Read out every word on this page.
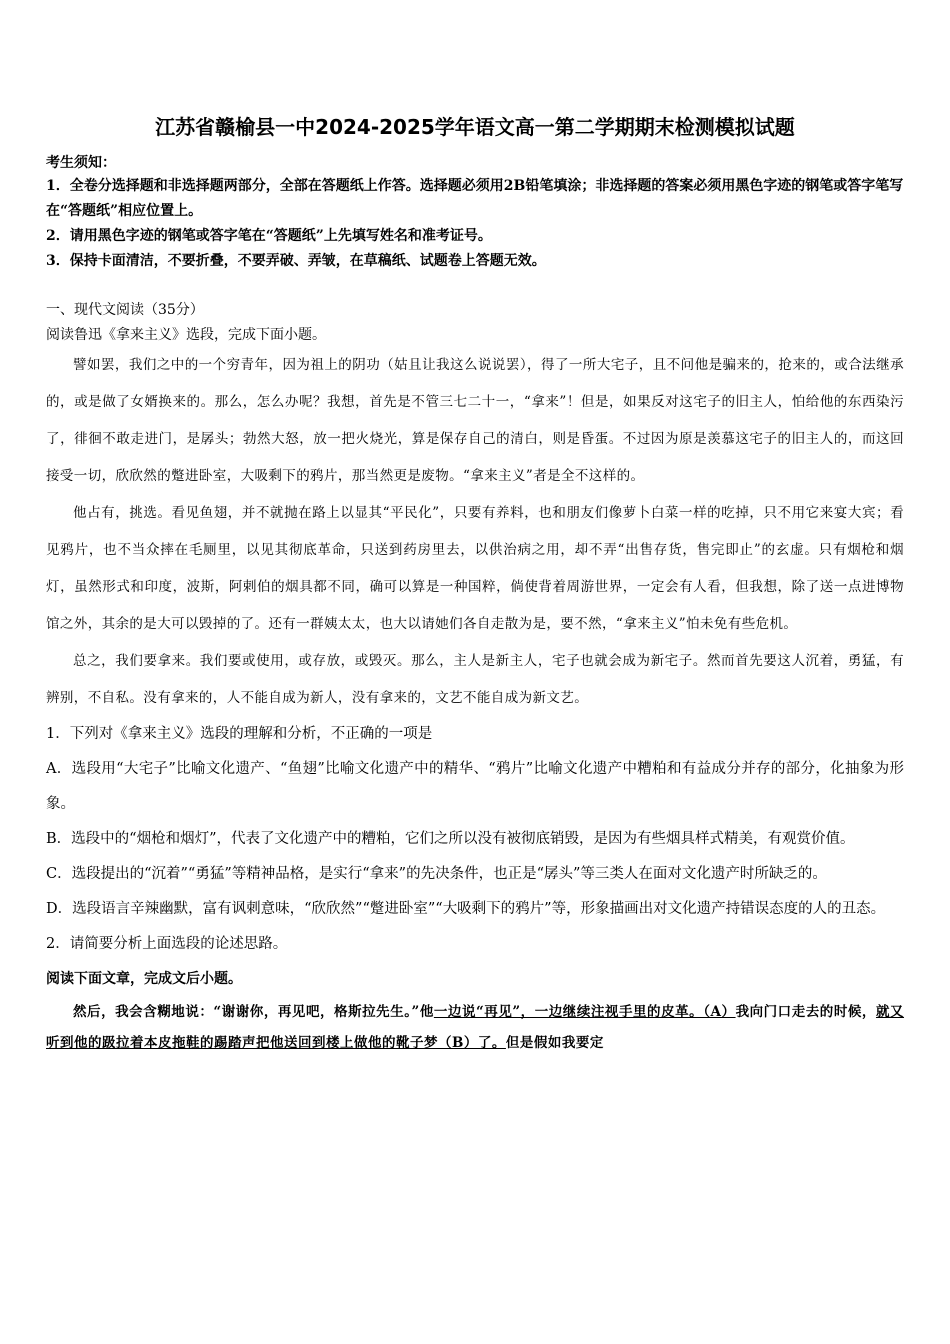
江苏省赣榆县一中2024-2025学年语文高一第二学期期末检测模拟试题
考生须知：

1．全卷分选择题和非选择题两部分，全部在答题纸上作答。选择题必须用2B铅笔填涂；非选择题的答案必须用黑色字迹的钢笔或答字笔写在“答题纸”相应位置上。

2．请用黑色字迹的钢笔或答字笔在“答题纸”上先填写姓名和准考证号。

3．保持卡面清洁，不要折叠，不要弄破、弄皱，在草稿纸、试题卷上答题无效。

一、现代文阅读（35分）

阅读鲁迅《拿来主义》选段，完成下面小题。

譬如罢，我们之中的一个穷青年，因为祖上的阴功（姑且让我这么说说罢），得了一所大宅子，且不问他是骗来的，抢来的，或合法继承的，或是做了女婿换来的。那么，怎么办呢？我想，首先是不管三七二十一，“拿来”！但是，如果反对这宅子的旧主人，怕给他的东西染污了，徘徊不敢走进门，是孱头；勃然大怒，放一把火烧光，算是保存自己的清白，则是昏蛋。不过因为原是羡慕这宅子的旧主人的，而这回接受一切，欣欣然的蹩进卧室，大吸剩下的鸦片，那当然更是废物。“拿来主义”者是全不这样的。

他占有，挑选。看见鱼翅，并不就抛在路上以显其“平民化”，只要有养料，也和朋友们像萝卜白菜一样的吃掉，只不用它来宴大宾；看见鸦片，也不当众摔在毛厕里，以见其彻底革命，只送到药房里去，以供治病之用，却不弄“出售存货，售完即止”的玄虚。只有烟枪和烟灯，虽然形式和印度，波斯，阿剌伯的烟具都不同，确可以算是一种国粹，倘使背着周游世界，一定会有人看，但我想，除了送一点进博物馆之外，其余的是大可以毁掉的了。还有一群姨太太，也大以请她们各自走散为是，要不然，“拿来主义”怕未免有些危机。

总之，我们要拿来。我们要或使用，或存放，或毁灭。那么，主人是新主人，宅子也就会成为新宅子。然而首先要这人沉着，勇猛，有辨别，不自私。没有拿来的，人不能自成为新人，没有拿来的，文艺不能自成为新文艺。

1．下列对《拿来主义》选段的理解和分析，不正确的一项是

A．选段用“大宅子”比喻文化遗产、“鱼翅”比喻文化遗产中的精华、“鸦片”比喻文化遗产中糟粕和有益成分并存的部分，化抽象为形象。

B．选段中的“烟枪和烟灯”，代表了文化遗产中的糟粕，它们之所以没有被彻底销毁，是因为有些烟具样式精美，有观赏价值。

C．选段提出的“沉着”“勇猛”等精神品格，是实行“拿来”的先决条件，也正是“孱头”等三类人在面对文化遗产时所缺乏的。

D．选段语言辛辣幽默，富有讽刺意味，“欣欣然”“蹩进卧室”“大吸剩下的鸦片”等，形象描画出对文化遗产持错误态度的人的丑态。

2．请简要分析上面选段的论述思路。

阅读下面文章，完成文后小题。

然后，我会含糊地说：“谢谢你，再见吧，格斯拉先生。”他一边说“再见”，一边继续注视手里的皮革。（A）我向门口走去的时候，就又听到他的趿拉着本皮拖鞋的踢踏声把他送回到楼上做他的靴子梦（B）了。但是假如我要定
